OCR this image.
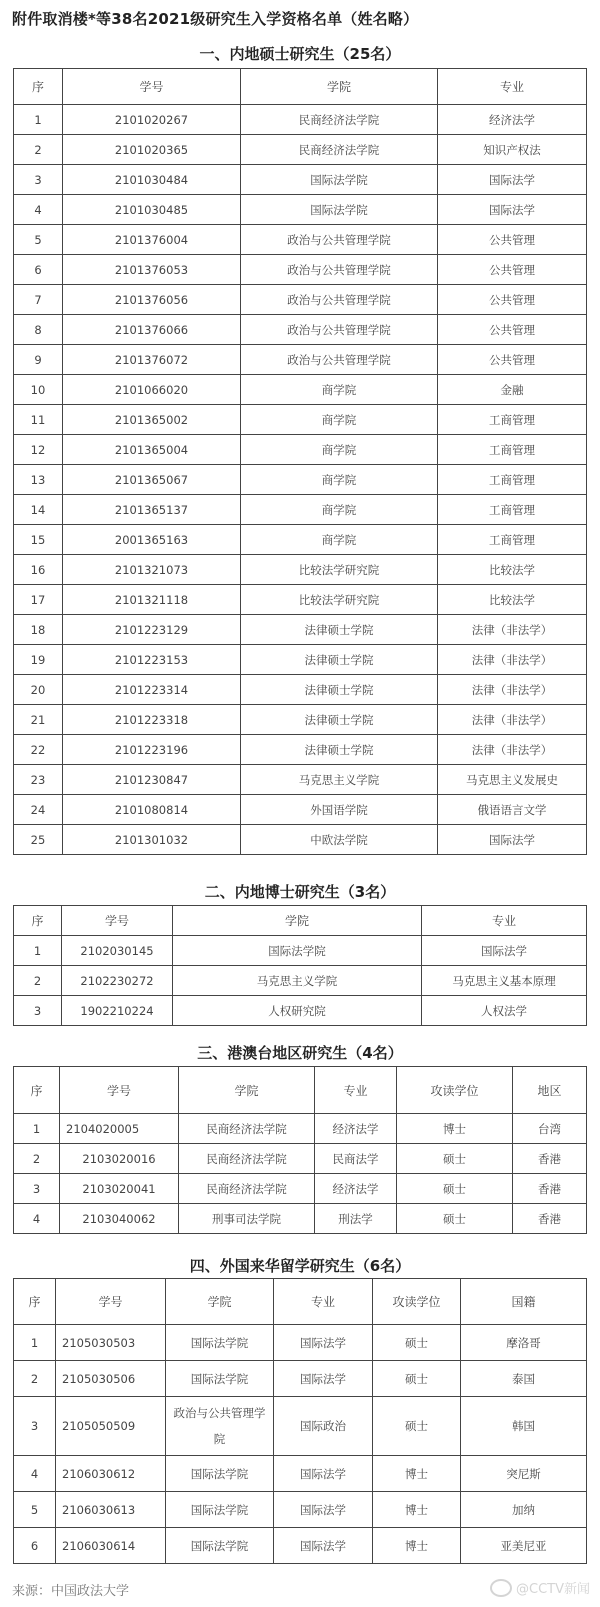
附件取消楼*等38名2021级研究生入学资格名单（姓名略）
一、内地硕士研究生（25名）
序	学号	学院	专业
1	2101020267	民商经济法学院	经济法学
2	2101020365	民商经济法学院	知识产权法
3	2101030484	国际法学院	国际法学
4	2101030485	国际法学院	国际法学
5	2101376004	政治与公共管理学院	公共管理
6	2101376053	政治与公共管理学院	公共管理
7	2101376056	政治与公共管理学院	公共管理
8	2101376066	政治与公共管理学院	公共管理
9	2101376072	政治与公共管理学院	公共管理
10	2101066020	商学院	金融
11	2101365002	商学院	工商管理
12	2101365004	商学院	工商管理
13	2101365067	商学院	工商管理
14	2101365137	商学院	工商管理
15	2001365163	商学院	工商管理
16	2101321073	比较法学研究院	比较法学
17	2101321118	比较法学研究院	比较法学
18	2101223129	法律硕士学院	法律（非法学）
19	2101223153	法律硕士学院	法律（非法学）
20	2101223314	法律硕士学院	法律（非法学）
21	2101223318	法律硕士学院	法律（非法学）
22	2101223196	法律硕士学院	法律（非法学）
23	2101230847	马克思主义学院	马克思主义发展史
24	2101080814	外国语学院	俄语语言文学
25	2101301032	中欧法学院	国际法学
二、内地博士研究生（3名）
序	学号	学院	专业
1	2102030145	国际法学院	国际法学
2	2102230272	马克思主义学院	马克思主义基本原理
3	1902210224	人权研究院	人权法学
三、港澳台地区研究生（4名）
序	学号	学院	专业	攻读学位	地区
1	2104020005	民商经济法学院	经济法学	博士	台湾
2	2103020016	民商经济法学院	民商法学	硕士	香港
3	2103020041	民商经济法学院	经济法学	硕士	香港
4	2103040062	刑事司法学院	刑法学	硕士	香港
四、外国来华留学研究生（6名）
序	学号	学院	专业	攻读学位	国籍
1	2105030503	国际法学院	国际法学	硕士	摩洛哥
2	2105030506	国际法学院	国际法学	硕士	泰国
3	2105050509	政治与公共管理学院	国际政治	硕士	韩国
4	2106030612	国际法学院	国际法学	博士	突尼斯
5	2106030613	国际法学院	国际法学	博士	加纳
6	2106030614	国际法学院	国际法学	博士	亚美尼亚
来源：中国政法大学	@CCTV新闻
